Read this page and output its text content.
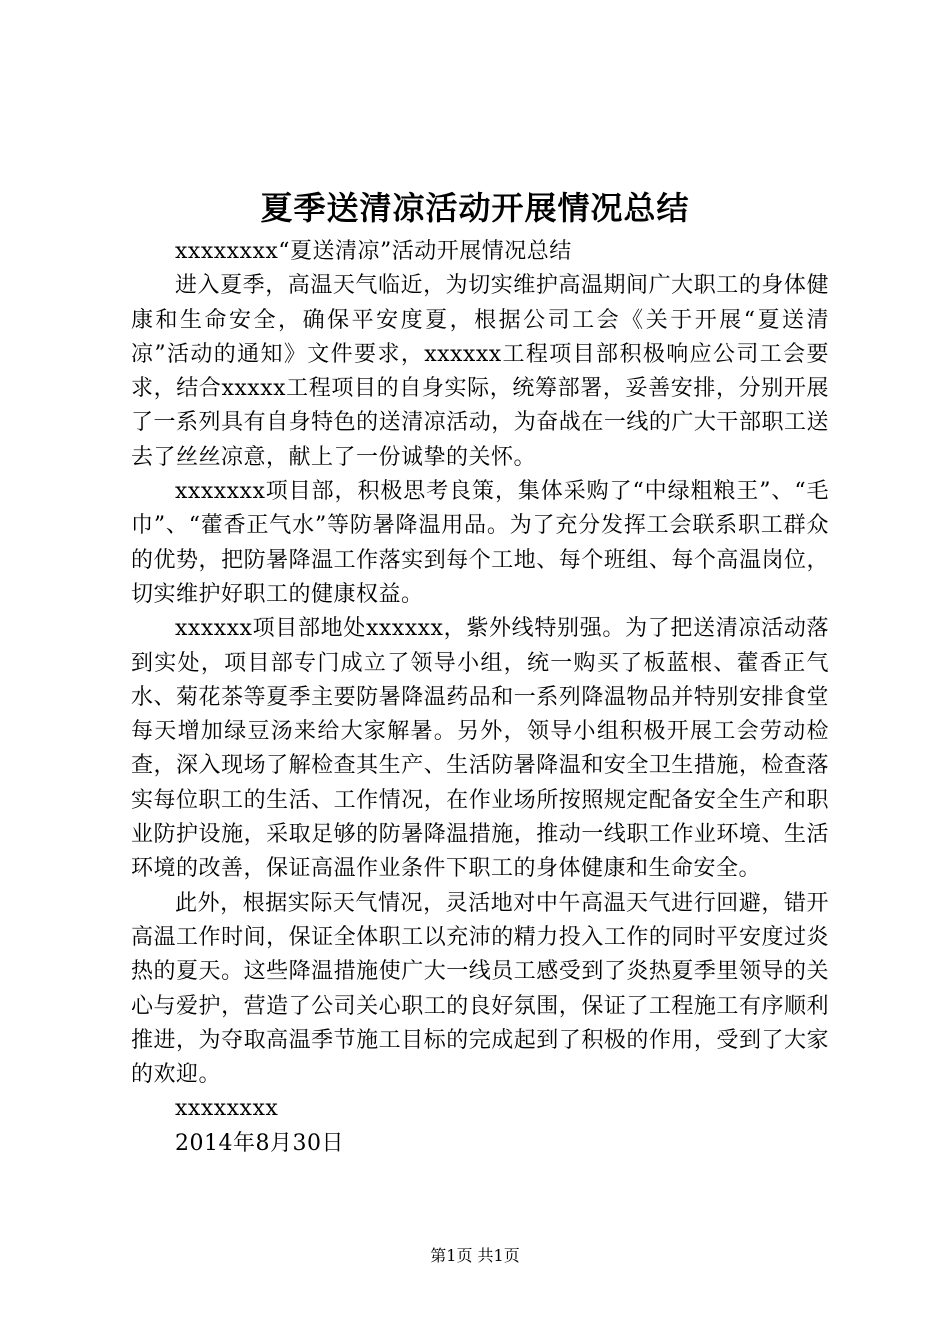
夏季送清凉活动开展情况总结

xxxxxxxx“夏送清凉”活动开展情况总结

进入夏季，高温天气临近，为切实维护高温期间广大职工的身体健康和生命安全，确保平安度夏，根据公司工会《关于开展“夏送清凉”活动的通知》文件要求，xxxxxx工程项目部积极响应公司工会要求，结合xxxxx工程项目的自身实际，统筹部署，妥善安排，分别开展了一系列具有自身特色的送清凉活动，为奋战在一线的广大干部职工送去了丝丝凉意，献上了一份诚挚的关怀。

xxxxxxx项目部，积极思考良策，集体采购了“中绿粗粮王”、“毛巾”、“藿香正气水”等防暑降温用品。为了充分发挥工会联系职工群众的优势，把防暑降温工作落实到每个工地、每个班组、每个高温岗位，切实维护好职工的健康权益。

xxxxxx项目部地处xxxxxx，紫外线特别强。为了把送清凉活动落到实处，项目部专门成立了领导小组，统一购买了板蓝根、藿香正气水、菊花茶等夏季主要防暑降温药品和一系列降温物品并特别安排食堂每天增加绿豆汤来给大家解暑。另外，领导小组积极开展工会劳动检查，深入现场了解检查其生产、生活防暑降温和安全卫生措施，检查落实每位职工的生活、工作情况，在作业场所按照规定配备安全生产和职业防护设施，采取足够的防暑降温措施，推动一线职工作业环境、生活环境的改善，保证高温作业条件下职工的身体健康和生命安全。

此外，根据实际天气情况，灵活地对中午高温天气进行回避，错开高温工作时间，保证全体职工以充沛的精力投入工作的同时平安度过炎热的夏天。这些降温措施使广大一线员工感受到了炎热夏季里领导的关心与爱护，营造了公司关心职工的良好氛围，保证了工程施工有序顺利推进，为夺取高温季节施工目标的完成起到了积极的作用，受到了大家的欢迎。

xxxxxxxx

2014年8月30日

第1页 共1页
